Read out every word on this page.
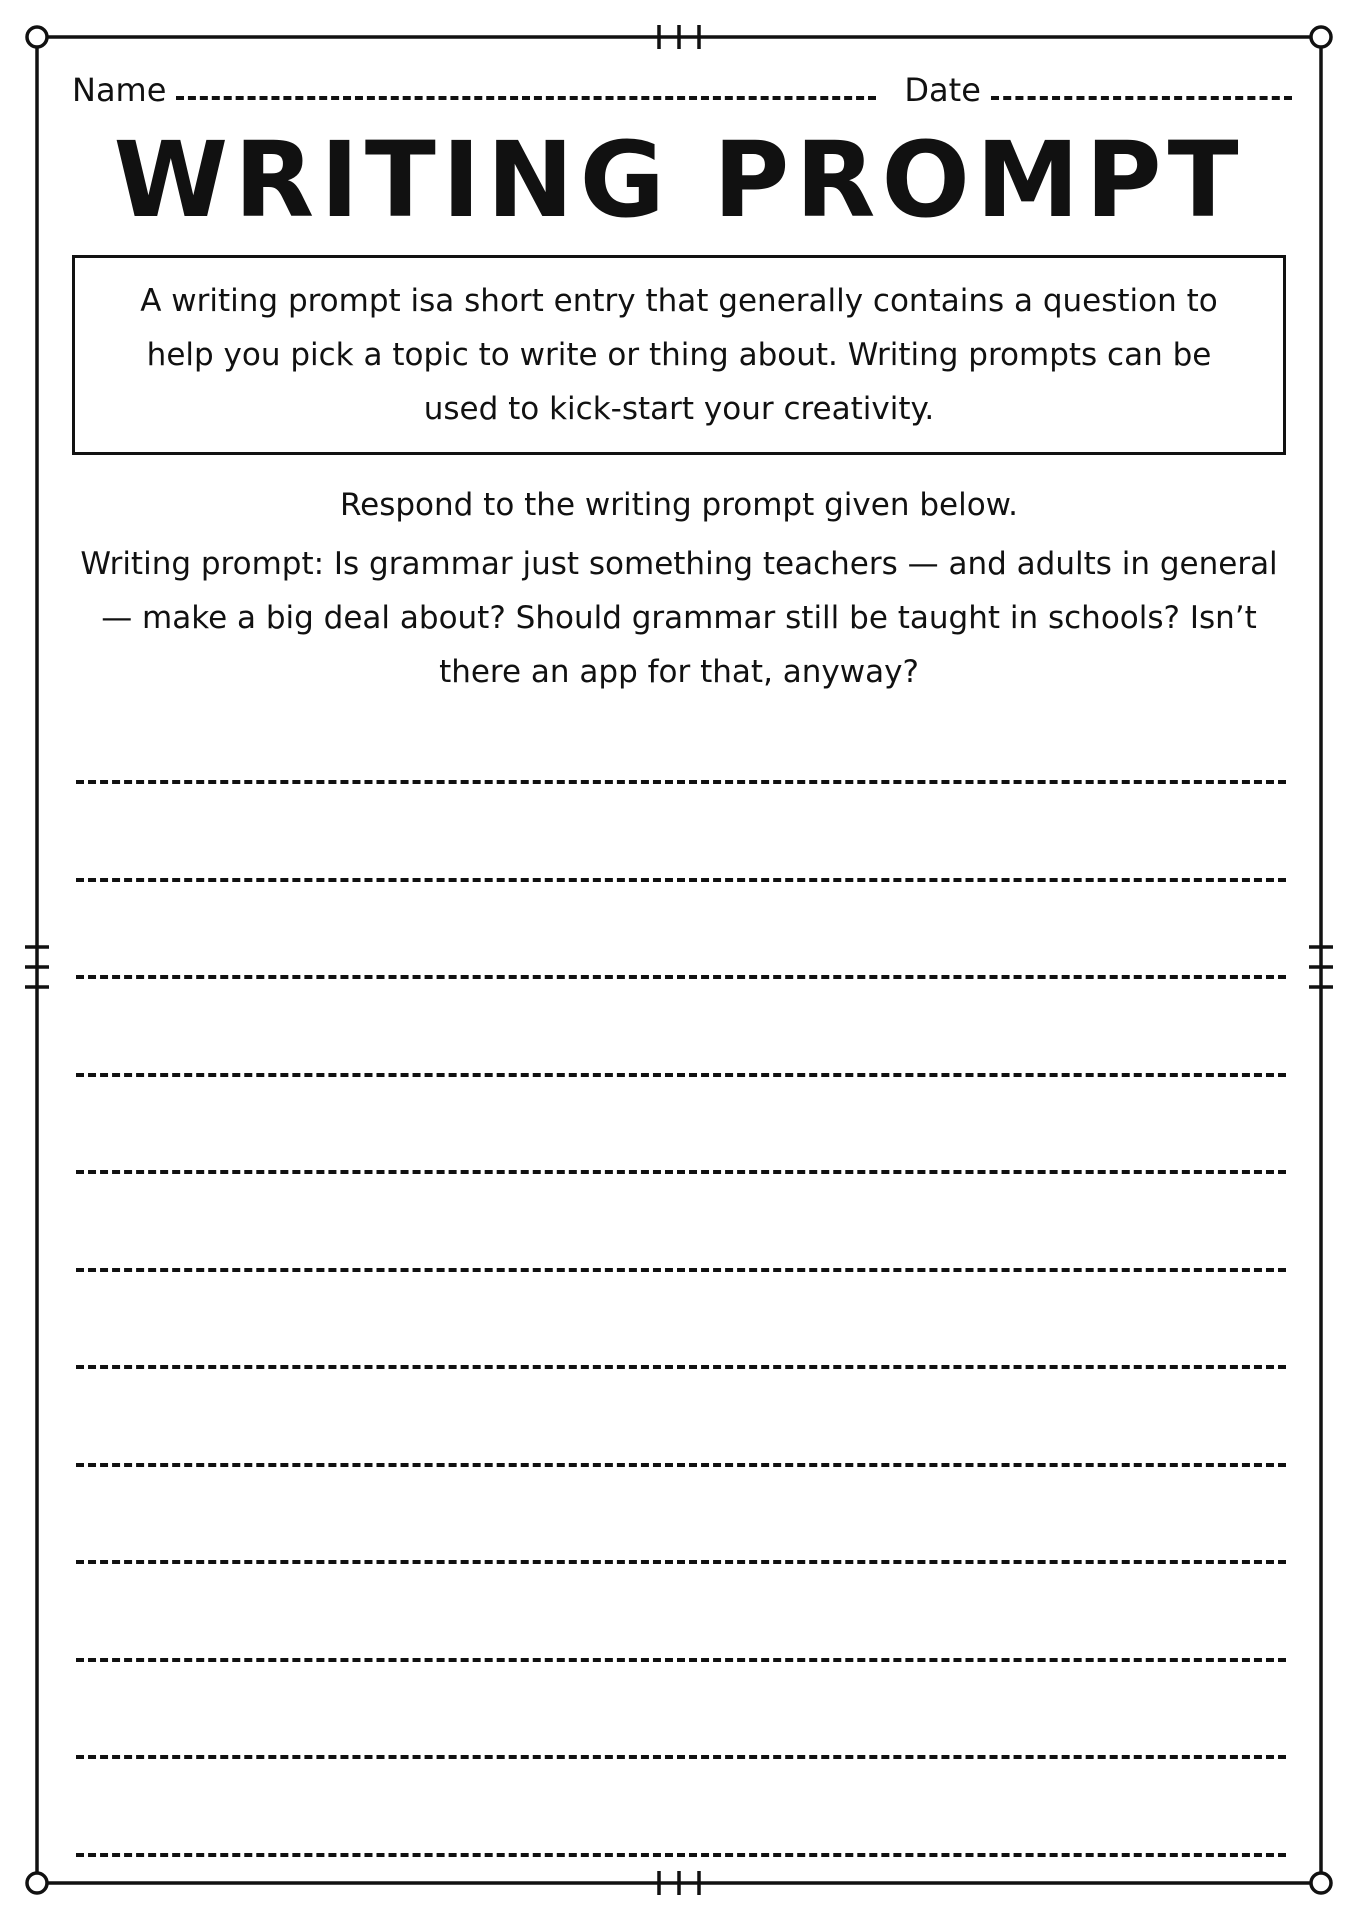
Name	Date
WRITING PROMPT
A writing prompt isa short entry that generally contains a question to help you pick a topic to write or thing about. Writing prompts can be used to kick-start your creativity.
Respond to the writing prompt given below.
Writing prompt: Is grammar just something teachers — and adults in general — make a big deal about? Should grammar still be taught in schools? Isn’t there an app for that, anyway?
